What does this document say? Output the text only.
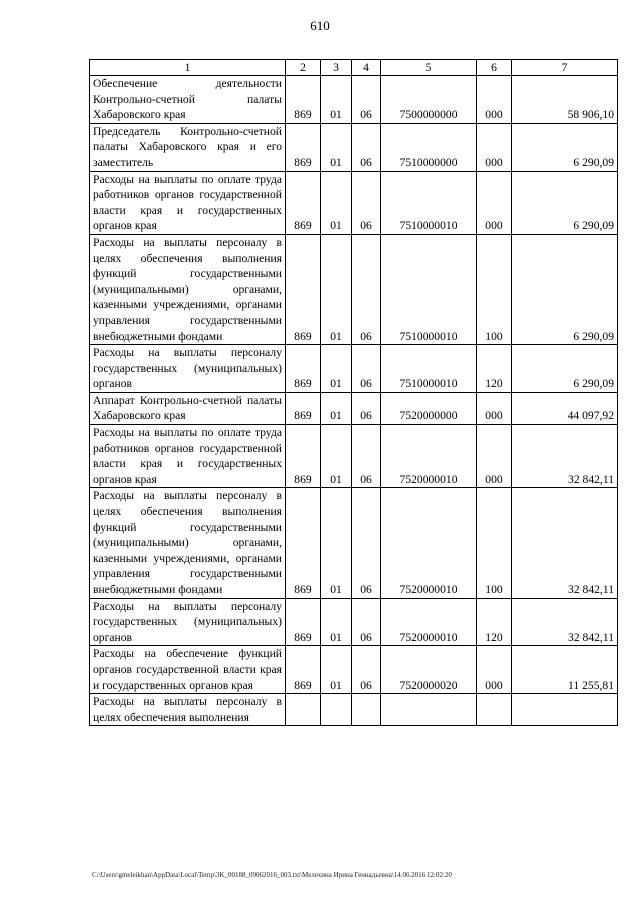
610
1	2	3	4	5	6	7
Обеспечение деятельности Контрольно-счетной палаты Хабаровского края	869	01	06	7500000000	000	58 906,10
Председатель Контрольно-счетной палаты Хабаровского края и его заместитель	869	01	06	7510000000	000	6 290,09
Расходы на выплаты по оплате труда работников органов государственной власти края и государственных органов края	869	01	06	7510000010	000	6 290,09
Расходы на выплаты персоналу в целях обеспечения выполнения функций государственными (муниципальными) органами, казенными учреждениями, органами управления государственными внебюджетными фондами	869	01	06	7510000010	100	6 290,09
Расходы на выплаты персоналу государственных (муниципальных) органов	869	01	06	7510000010	120	6 290,09
Аппарат Контрольно-счетной палаты Хабаровского края	869	01	06	7520000000	000	44 097,92
Расходы на выплаты по оплате труда работников органов государственной власти края и государственных органов края	869	01	06	7520000010	000	32 842,11
Расходы на выплаты персоналу в целях обеспечения выполнения функций государственными (муниципальными) органами, казенными учреждениями, органами управления государственными внебюджетными фондами	869	01	06	7520000010	100	32 842,11
Расходы на выплаты персоналу государственных (муниципальных) органов	869	01	06	7520000010	120	32 842,11
Расходы на обеспечение функций органов государственной власти края и государственных органов края	869	01	06	7520000020	000	11 255,81
Расходы на выплаты персоналу в целях обеспечения выполнения						
C:\Users\gmeleikhan\AppData\Local\Temp\3K_00188_09062016_003.txt\Мелехина Ирина Геннадьевна\14.06.2016 12:02:20
